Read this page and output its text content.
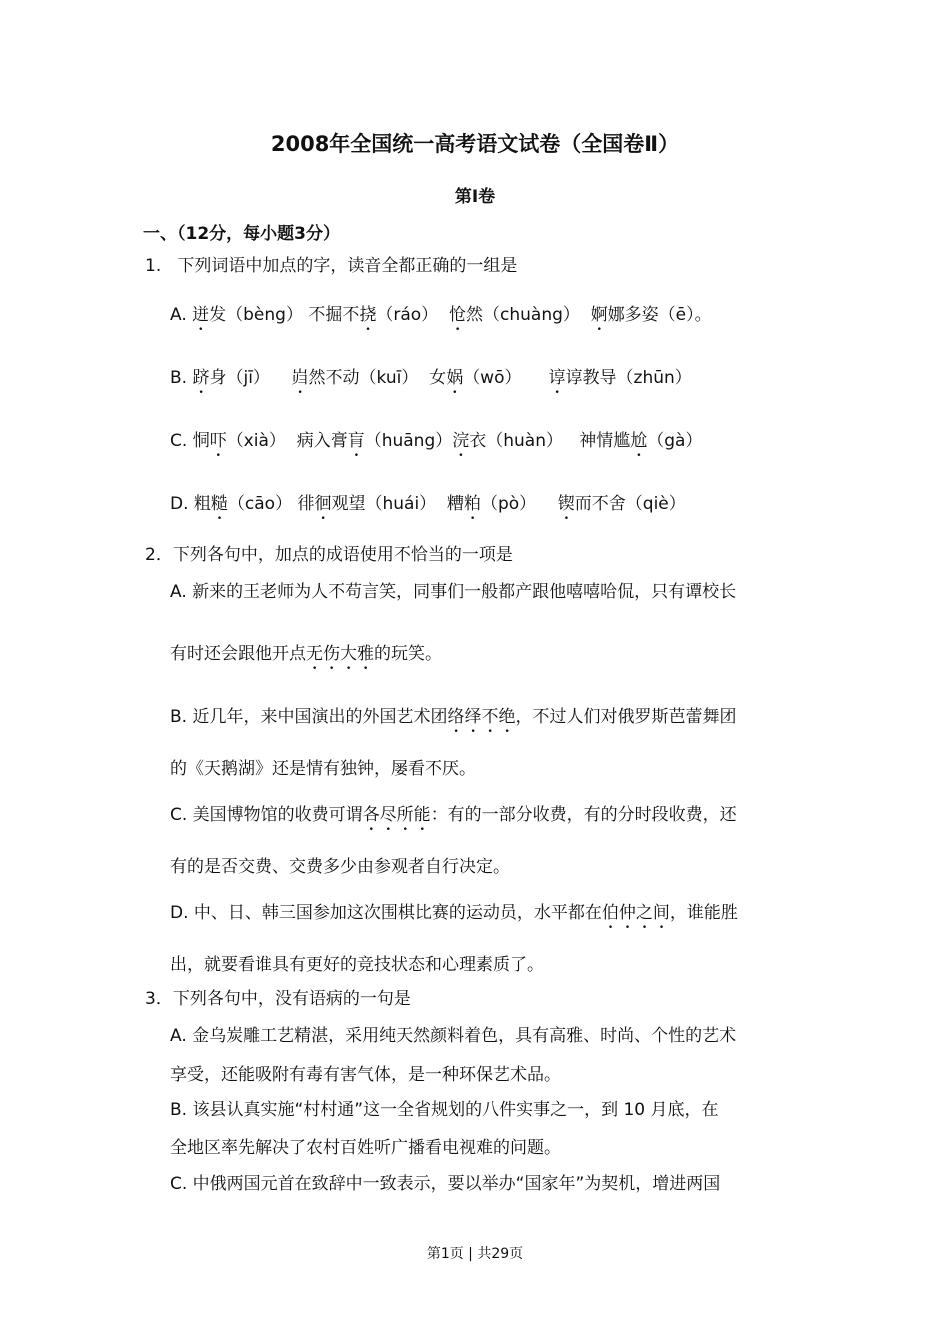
2008年全国统一高考语文试卷（全国卷Ⅱ）
第I卷
一、（12分，每小题3分）
1.   下列词语中加点的字，读音全都正确的一组是
A. 迸发（bèng） 不掘不挠（ráo）  怆然（chuàng）  婀娜多姿（ē）。
B. 跻身（jī）    岿然不动（kuī）  女娲（wō）     谆谆教导（zhūn）
C. 恫吓（xià）  病入膏肓（huāng）浣衣（huàn）   神情尴尬（gà）
D. 粗糙（cāo） 徘徊观望（huái）  糟粕（pò）    锲而不舍（qiè）
2．下列各句中，加点的成语使用不恰当的一项是
A. 新来的王老师为人不苟言笑，同事们一般都产跟他嘻嘻哈侃，只有谭校长
有时还会跟他开点无伤大雅的玩笑。
B. 近几年，来中国演出的外国艺术团络绎不绝，不过人们对俄罗斯芭蕾舞团
的《天鹅湖》还是情有独钟，屡看不厌。
C. 美国博物馆的收费可谓各尽所能：有的一部分收费，有的分时段收费，还
有的是否交费、交费多少由参观者自行决定。
D. 中、日、韩三国参加这次围棋比赛的运动员，水平都在伯仲之间，谁能胜
出，就要看谁具有更好的竞技状态和心理素质了。
3．下列各句中，没有语病的一句是
A. 金乌炭雕工艺精湛，采用纯天然颜料着色，具有高雅、时尚、个性的艺术
享受，还能吸附有毒有害气体，是一种环保艺术品。
B. 该县认真实施“村村通”这一全省规划的八件实事之一，到 10 月底，在
全地区率先解决了农村百姓听广播看电视难的问题。
C. 中俄两国元首在致辞中一致表示，要以举办“国家年”为契机，增进两国
第1页 | 共29页
